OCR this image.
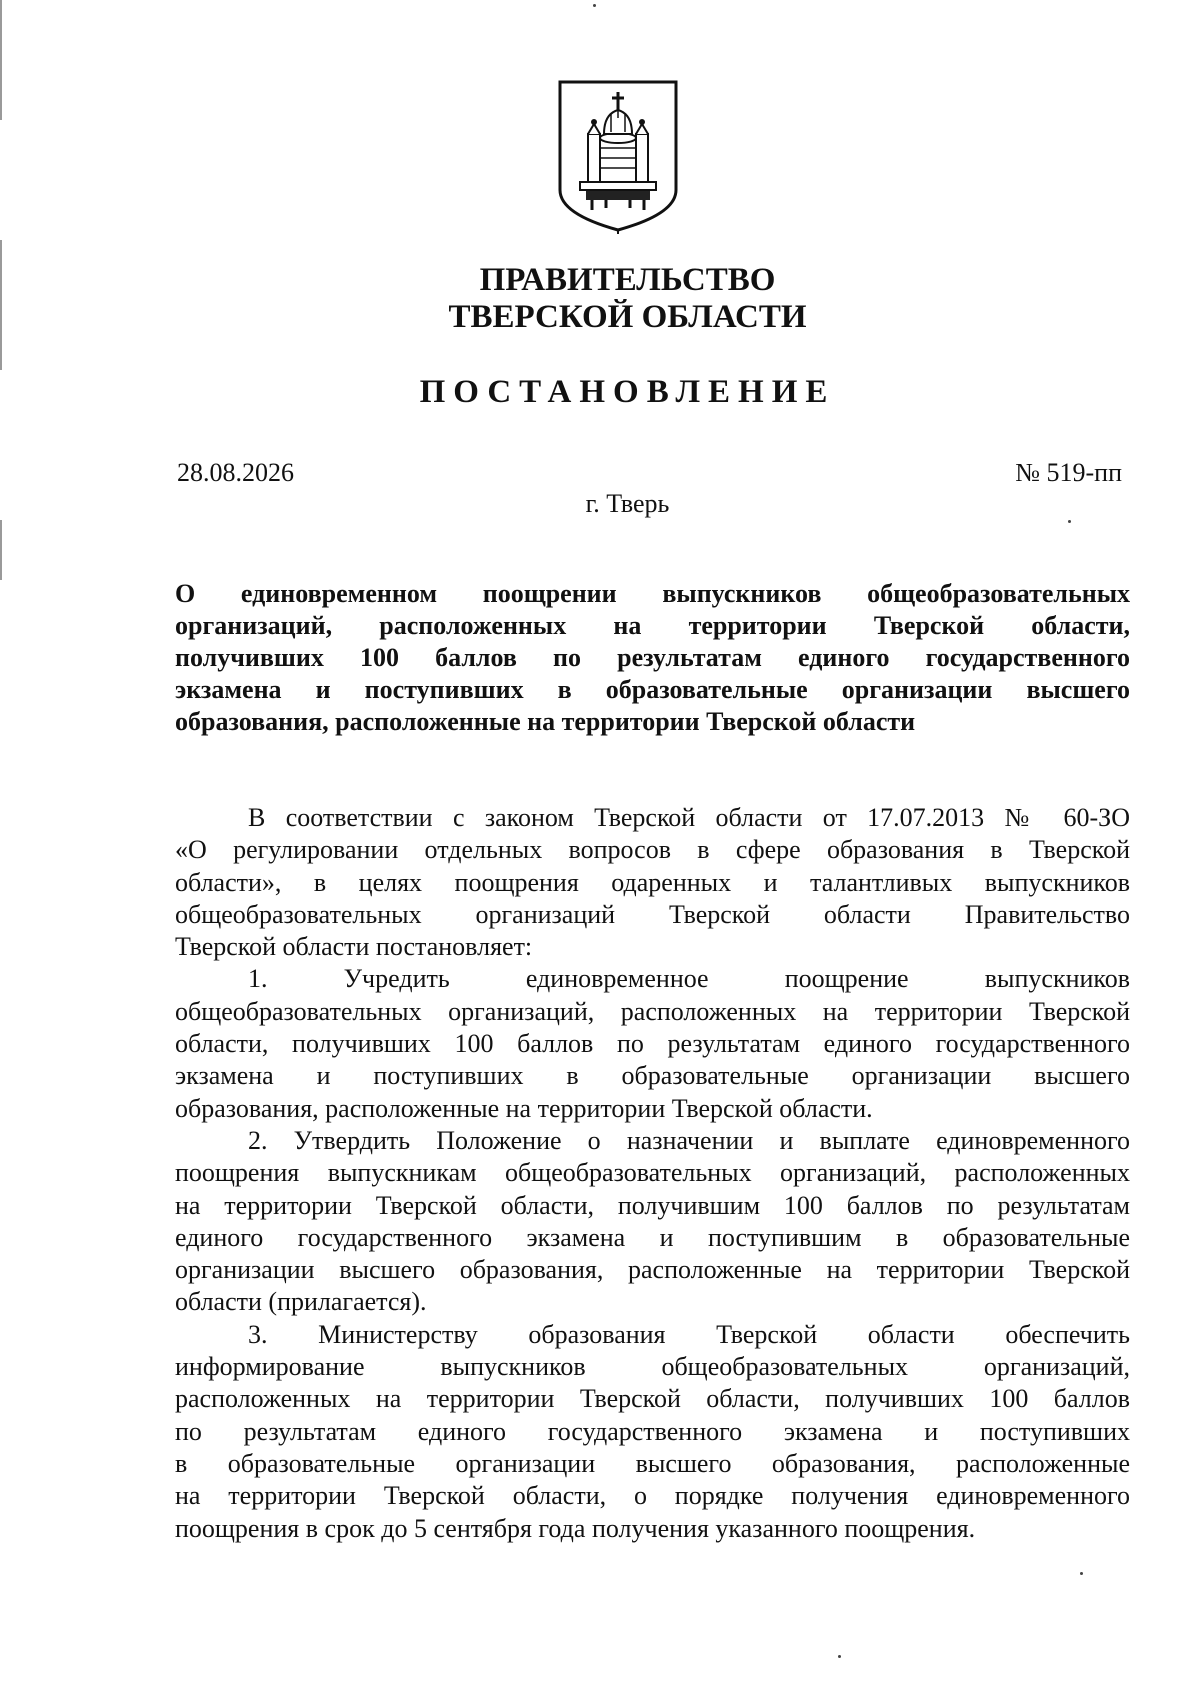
ПРАВИТЕЛЬСТВО
ТВЕРСКОЙ ОБЛАСТИ
ПОСТАНОВЛЕНИЕ
28.08.2026	№ 519-пп
г. Тверь
О единовременном поощрении выпускников общеобразовательных
организаций, расположенных на территории Тверской области,
получивших 100 баллов по результатам единого государственного
экзамена и поступивших в образовательные организации высшего
образования, расположенные на территории Тверской области
В соответствии с законом Тверской области от 17.07.2013 № 60-ЗО
«О регулировании отдельных вопросов в сфере образования в Тверской
области», в целях поощрения одаренных и талантливых выпускников
общеобразовательных организаций Тверской области Правительство
Тверской области постановляет:
1. Учредить единовременное поощрение выпускников
общеобразовательных организаций, расположенных на территории Тверской
области, получивших 100 баллов по результатам единого государственного
экзамена и поступивших в образовательные организации высшего
образования, расположенные на территории Тверской области.
2. Утвердить Положение о назначении и выплате единовременного
поощрения выпускникам общеобразовательных организаций, расположенных
на территории Тверской области, получившим 100 баллов по результатам
единого государственного экзамена и поступившим в образовательные
организации высшего образования, расположенные на территории Тверской
области (прилагается).
3. Министерству образования Тверской области обеспечить
информирование выпускников общеобразовательных организаций,
расположенных на территории Тверской области, получивших 100 баллов
по результатам единого государственного экзамена и поступивших
в образовательные организации высшего образования, расположенные
на территории Тверской области, о порядке получения единовременного
поощрения в срок до 5 сентября года получения указанного поощрения.
